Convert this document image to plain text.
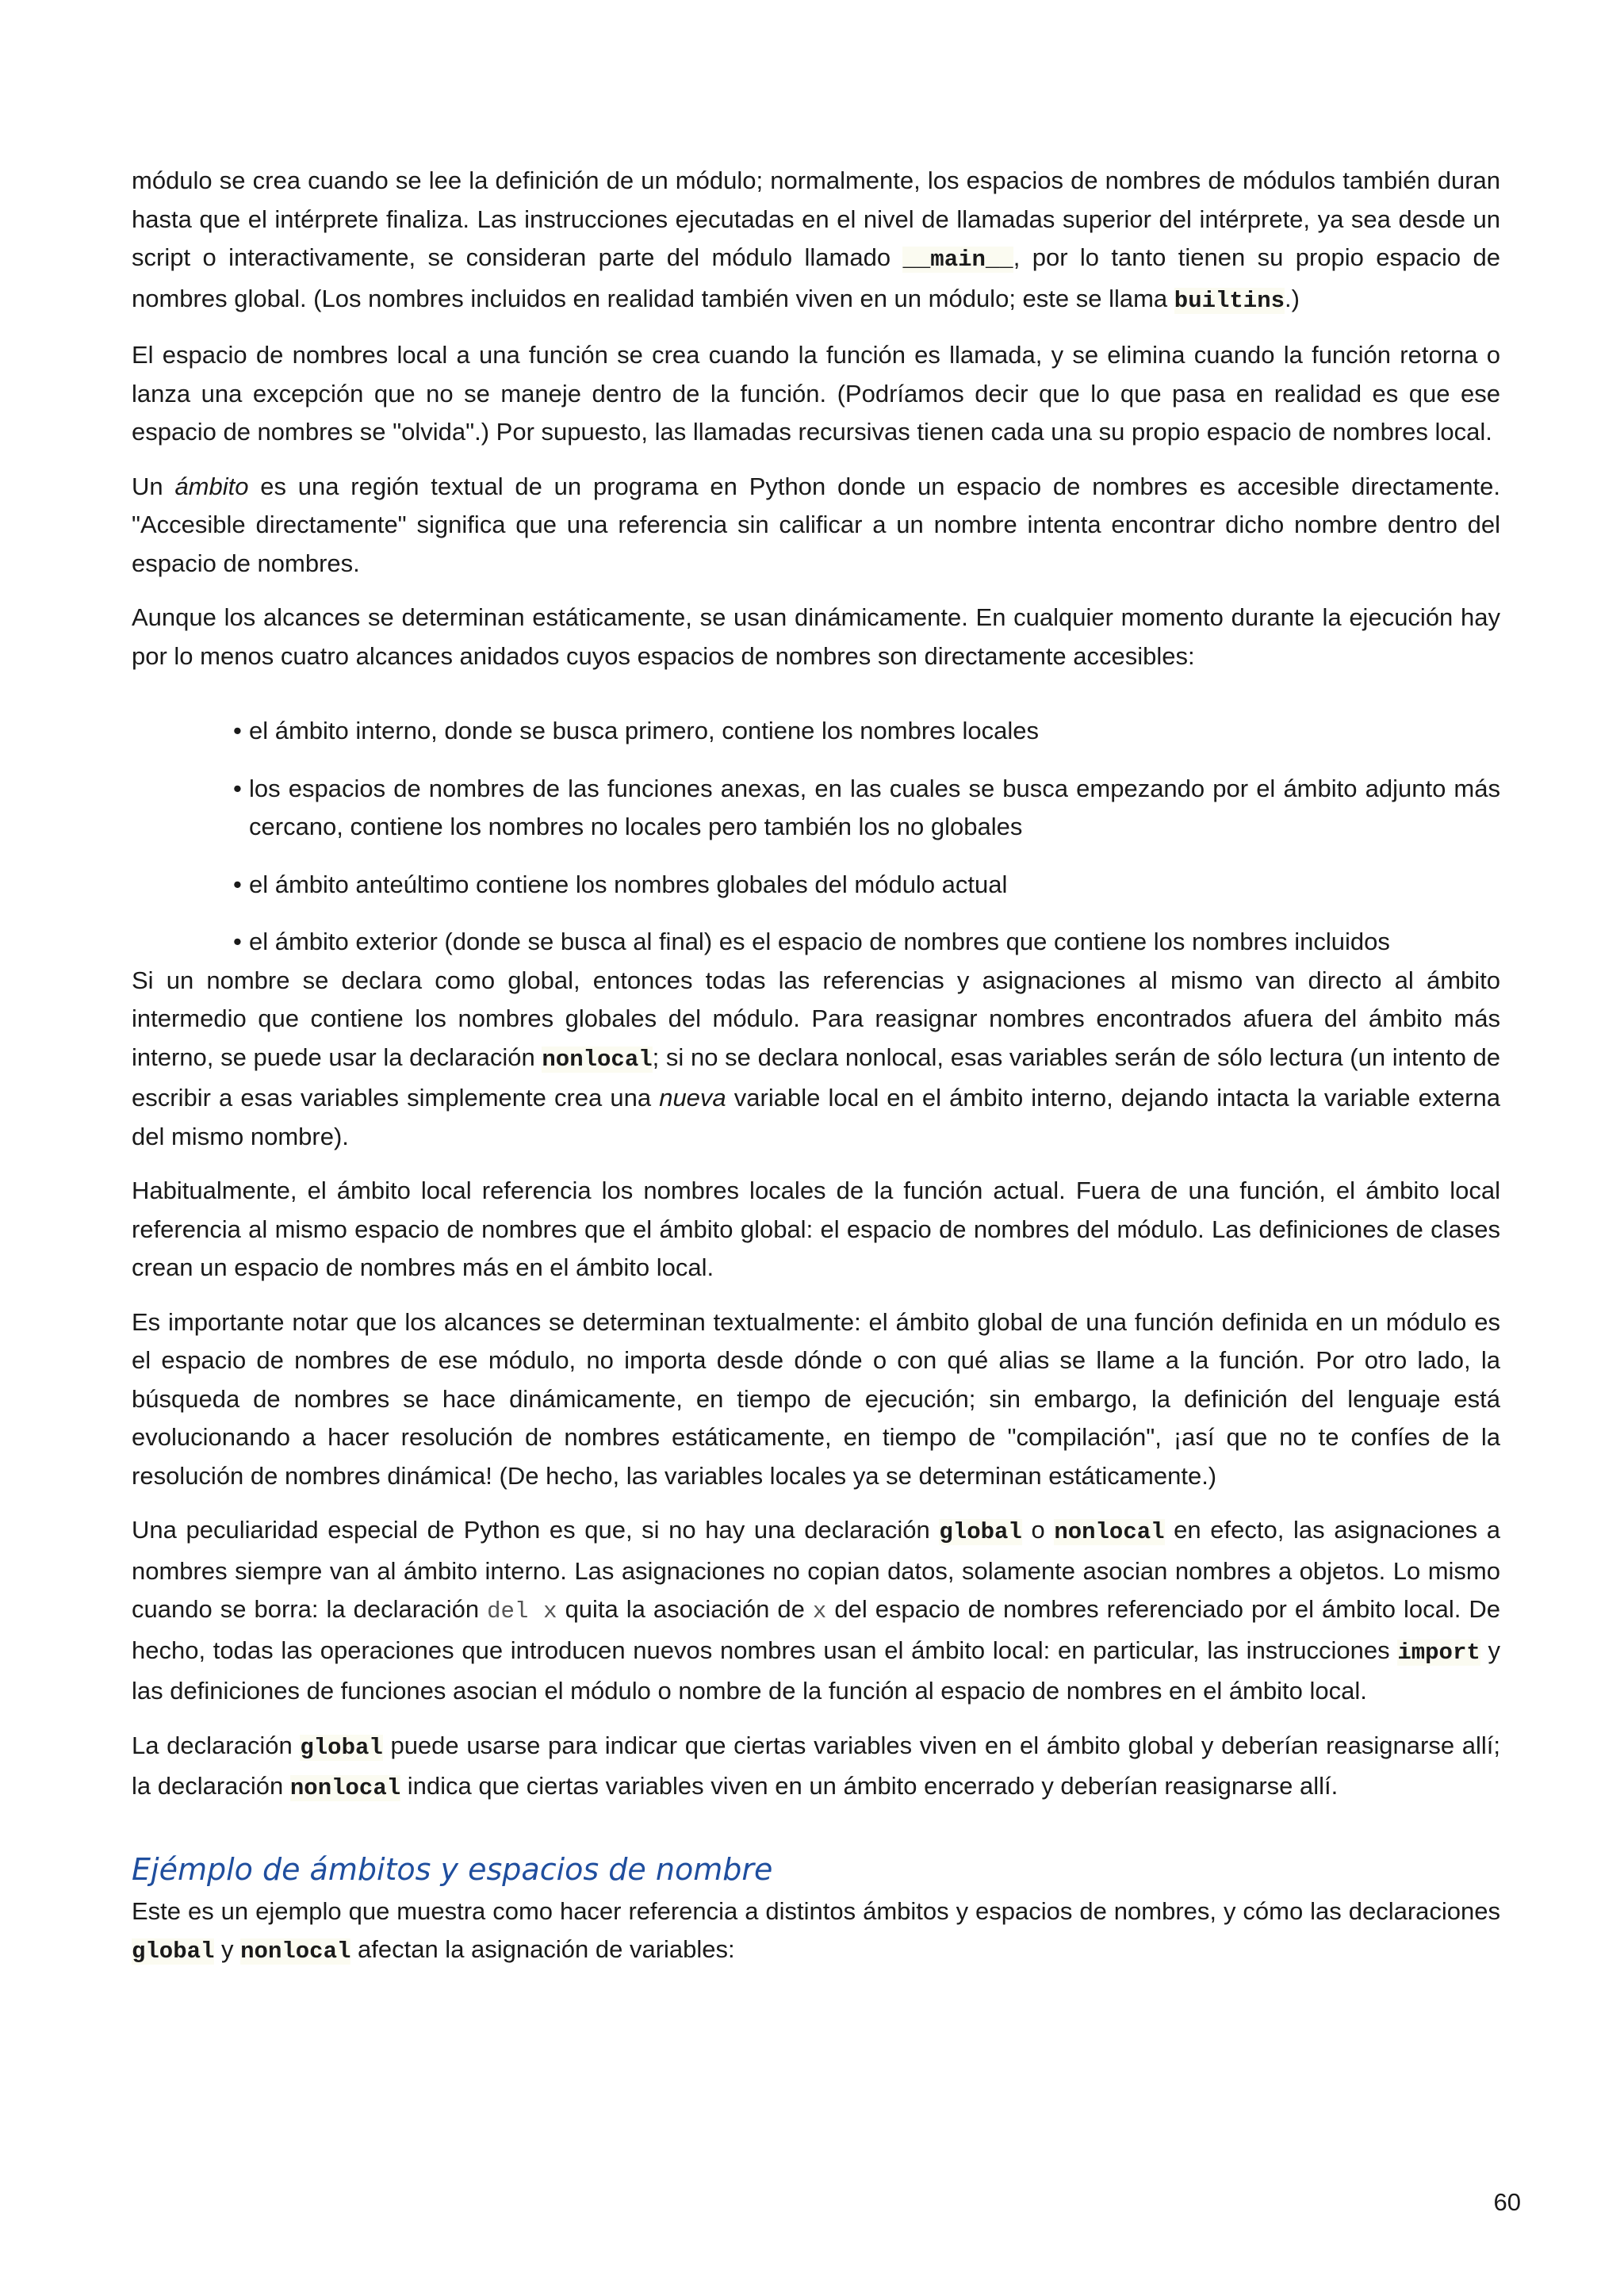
módulo se crea cuando se lee la definición de un módulo; normalmente, los espacios de nombres de módulos también duran hasta que el intérprete finaliza. Las instrucciones ejecutadas en el nivel de llamadas superior del intérprete, ya sea desde un script o interactivamente, se consideran parte del módulo llamado __main__, por lo tanto tienen su propio espacio de nombres global. (Los nombres incluidos en realidad también viven en un módulo; este se llama builtins.)

El espacio de nombres local a una función se crea cuando la función es llamada, y se elimina cuando la función retorna o lanza una excepción que no se maneje dentro de la función. (Podríamos decir que lo que pasa en realidad es que ese espacio de nombres se "olvida".) Por supuesto, las llamadas recursivas tienen cada una su propio espacio de nombres local.

Un ámbito es una región textual de un programa en Python donde un espacio de nombres es accesible directamente. "Accesible directamente" significa que una referencia sin calificar a un nombre intenta encontrar dicho nombre dentro del espacio de nombres.

Aunque los alcances se determinan estáticamente, se usan dinámicamente. En cualquier momento durante la ejecución hay por lo menos cuatro alcances anidados cuyos espacios de nombres son directamente accesibles:

• el ámbito interno, donde se busca primero, contiene los nombres locales
• los espacios de nombres de las funciones anexas, en las cuales se busca empezando por el ámbito adjunto más cercano, contiene los nombres no locales pero también los no globales
• el ámbito anteúltimo contiene los nombres globales del módulo actual
• el ámbito exterior (donde se busca al final) es el espacio de nombres que contiene los nombres incluidos

Si un nombre se declara como global, entonces todas las referencias y asignaciones al mismo van directo al ámbito intermedio que contiene los nombres globales del módulo. Para reasignar nombres encontrados afuera del ámbito más interno, se puede usar la declaración nonlocal; si no se declara nonlocal, esas variables serán de sólo lectura (un intento de escribir a esas variables simplemente crea una nueva variable local en el ámbito interno, dejando intacta la variable externa del mismo nombre).

Habitualmente, el ámbito local referencia los nombres locales de la función actual. Fuera de una función, el ámbito local referencia al mismo espacio de nombres que el ámbito global: el espacio de nombres del módulo. Las definiciones de clases crean un espacio de nombres más en el ámbito local.

Es importante notar que los alcances se determinan textualmente: el ámbito global de una función definida en un módulo es el espacio de nombres de ese módulo, no importa desde dónde o con qué alias se llame a la función. Por otro lado, la búsqueda de nombres se hace dinámicamente, en tiempo de ejecución; sin embargo, la definición del lenguaje está evolucionando a hacer resolución de nombres estáticamente, en tiempo de "compilación", ¡así que no te confíes de la resolución de nombres dinámica! (De hecho, las variables locales ya se determinan estáticamente.)

Una peculiaridad especial de Python es que, si no hay una declaración global o nonlocal en efecto, las asignaciones a nombres siempre van al ámbito interno. Las asignaciones no copian datos, solamente asocian nombres a objetos. Lo mismo cuando se borra: la declaración del x quita la asociación de x del espacio de nombres referenciado por el ámbito local. De hecho, todas las operaciones que introducen nuevos nombres usan el ámbito local: en particular, las instrucciones import y las definiciones de funciones asocian el módulo o nombre de la función al espacio de nombres en el ámbito local.

La declaración global puede usarse para indicar que ciertas variables viven en el ámbito global y deberían reasignarse allí; la declaración nonlocal indica que ciertas variables viven en un ámbito encerrado y deberían reasignarse allí.

Ejémplo de ámbitos y espacios de nombre

Este es un ejemplo que muestra como hacer referencia a distintos ámbitos y espacios de nombres, y cómo las declaraciones global y nonlocal afectan la asignación de variables:

60
